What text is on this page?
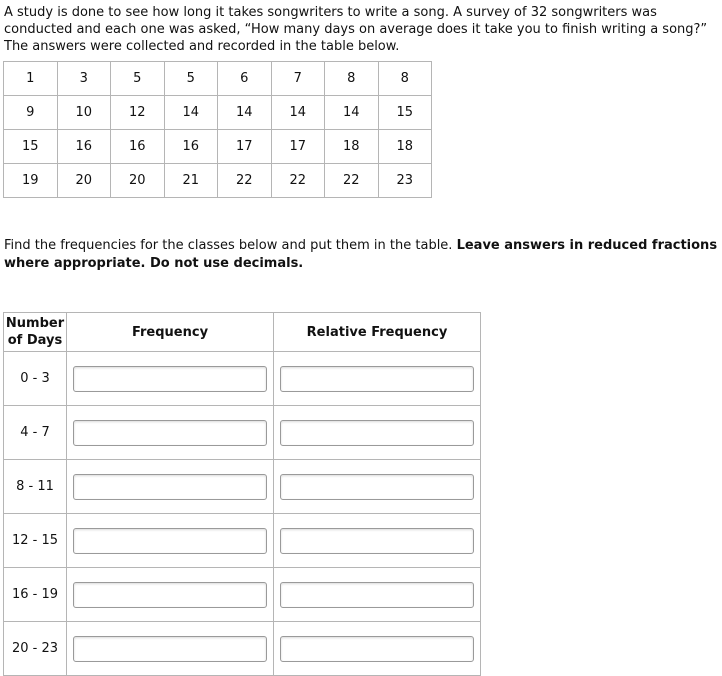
A study is done to see how long it takes songwriters to write a song. A survey of 32 songwriters was
conducted and each one was asked, “How many days on average does it take you to finish writing a song?”
The answers were collected and recorded in the table below.

1	3	5	5	6	7	8	8
9	10	12	14	14	14	14	15
15	16	16	16	17	17	18	18
19	20	20	21	22	22	22	23

Find the frequencies for the classes below and put them in the table. Leave answers in reduced fractions where appropriate. Do not use decimals.

Number
of Days	Frequency	Relative Frequency
0 - 3	

4 - 7	

8 - 11	

12 - 15	

16 - 19	

20 - 23	
